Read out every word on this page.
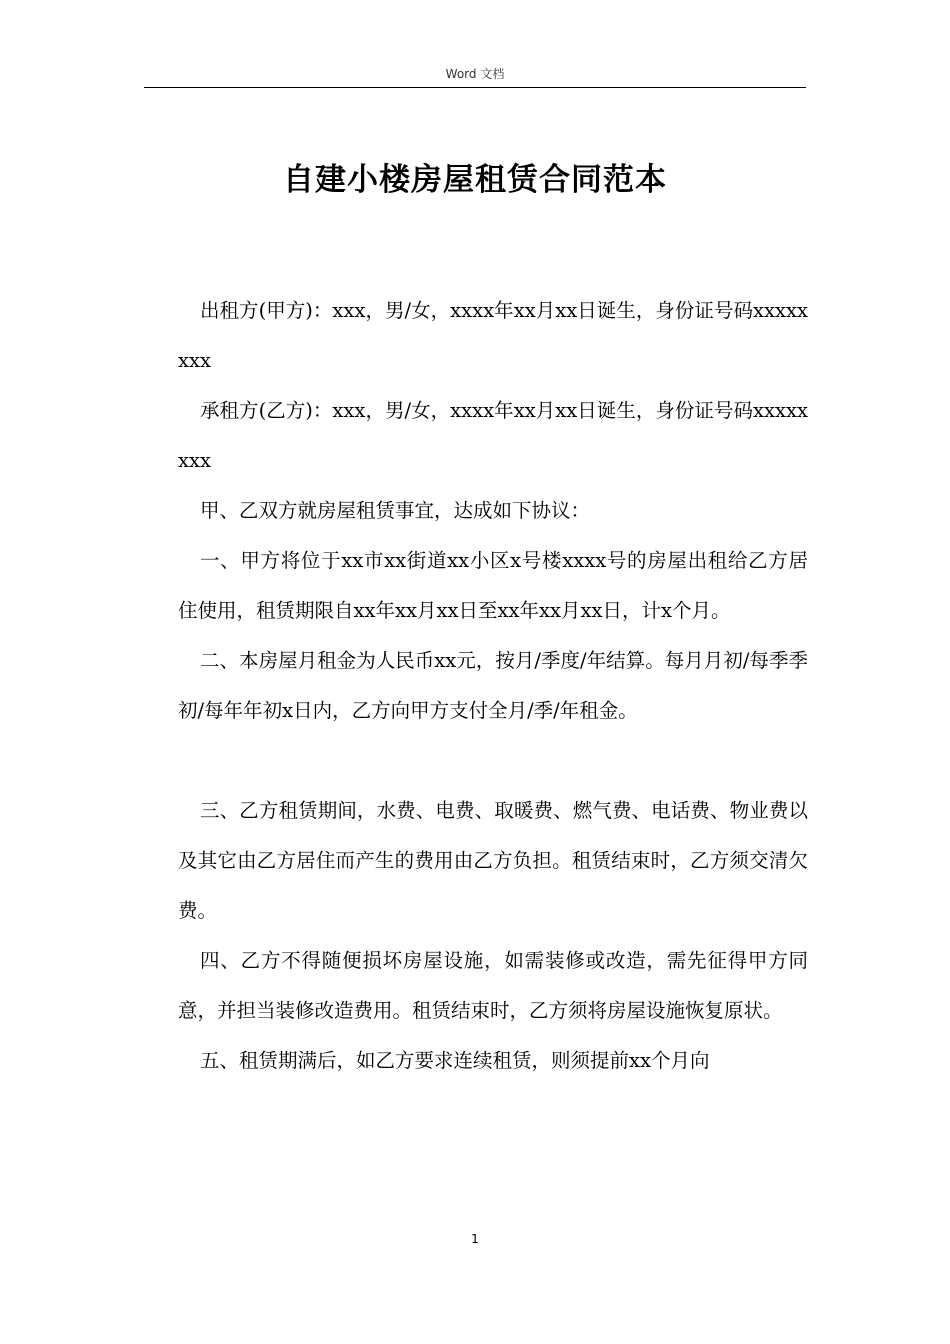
Word 文档
自建小楼房屋租赁合同范本

出租方(甲方)：xxx，男/女，xxxx年xx月xx日诞生，身份证号码xxxxxxxx

承租方(乙方)：xxx，男/女，xxxx年xx月xx日诞生，身份证号码xxxxxxxx

甲、乙双方就房屋租赁事宜，达成如下协议：

一、甲方将位于xx市xx街道xx小区x号楼xxxx号的房屋出租给乙方居住使用，租赁期限自xx年xx月xx日至xx年xx月xx日，计x个月。

二、本房屋月租金为人民币xx元，按月/季度/年结算。每月月初/每季季初/每年年初x日内，乙方向甲方支付全月/季/年租金。

三、乙方租赁期间，水费、电费、取暖费、燃气费、电话费、物业费以及其它由乙方居住而产生的费用由乙方负担。租赁结束时，乙方须交清欠费。

四、乙方不得随便损坏房屋设施，如需装修或改造，需先征得甲方同意，并担当装修改造费用。租赁结束时，乙方须将房屋设施恢复原状。

五、租赁期满后，如乙方要求连续租赁，则须提前xx个月向

1
